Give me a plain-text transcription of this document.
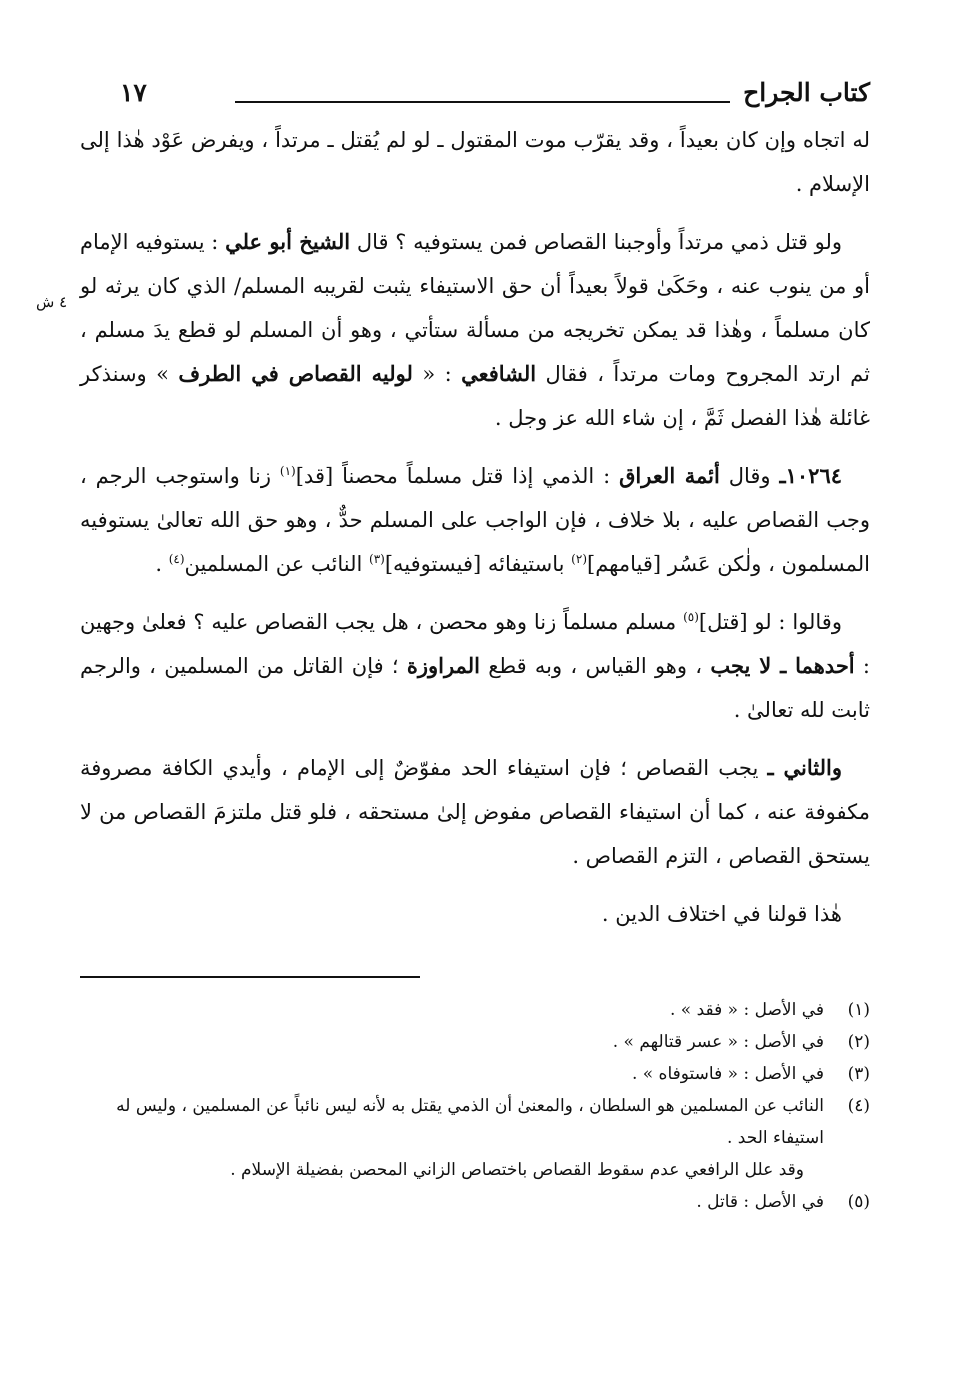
كتاب الجراح
١٧

له اتجاه وإن كان بعيداً ، وقد يقرّب موت المقتول ـ لو لم يُقتل ـ مرتداً ، ويفرض عَوْد هٰذا إلى الإسلام .

ولو قتل ذمي مرتداً وأوجبنا القصاص فمن يستوفيه ؟ قال الشيخ أبو علي : يستوفيه الإمام أو من ينوب عنه ، وحَكَىٰ قولاً بعيداً أن حق الاستيفاء يثبت لقريبه المسلم/ الذي كان يرثه لو كان مسلماً ، وهٰذا قد يمكن تخريجه من مسألة ستأتي ، وهو أن المسلم لو قطع يدَ مسلم ، ثم ارتد المجروح ومات مرتداً ، فقال الشافعي : « لوليه القصاص في الطرف » وسنذكر غائلة هٰذا الفصل ثَمَّ ، إن شاء الله عز وجل .

١٠٢٦٤ـ وقال أئمة العراق : الذمي إذا قتل مسلماً محصناً [قد]$^{(١)}$ زنا واستوجب الرجم ، وجب القصاص عليه ، بلا خلاف ، فإن الواجب على المسلم حدٌّ ، وهو حق الله تعالىٰ يستوفيه المسلمون ، ولٰكن عَسُر [قيامهم]$^{(٢)}$ باستيفائه [فيستوفيه]$^{(٣)}$ النائب عن المسلمين$^{(٤)}$ .

وقالوا : لو [قتل]$^{(٥)}$ مسلم مسلماً زنا وهو محصن ، هل يجب القصاص عليه ؟ فعلىٰ وجهين : أحدهما ـ لا يجب ، وهو القياس ، وبه قطع المراوزة ؛ فإن القاتل من المسلمين ، والرجم ثابت لله تعالىٰ .

والثاني ـ يجب القصاص ؛ فإن استيفاء الحد مفوّضٌ إلى الإمام ، وأيدي الكافة مصروفة مكفوفة عنه ، كما أن استيفاء القصاص مفوض إلىٰ مستحقه ، فلو قتل ملتزمَ القصاص من لا يستحق القصاص ، التزم القصاص .

هٰذا قولنا في اختلاف الدين .

(١)
في الأصل : « فقد » .
(٢)
في الأصل : « عسر قتالهم » .
(٣)
في الأصل : « فاستوفاه » .
(٤)
النائب عن المسلمين هو السلطان ، والمعنىٰ أن الذمي يقتل به لأنه ليس نائباً عن المسلمين ، وليس له استيفاء الحد .
وقد علل الرافعي عدم سقوط القصاص باختصاص الزاني المحصن بفضيلة الإسلام .
(٥)
في الأصل : قاتل .
٤ ش
